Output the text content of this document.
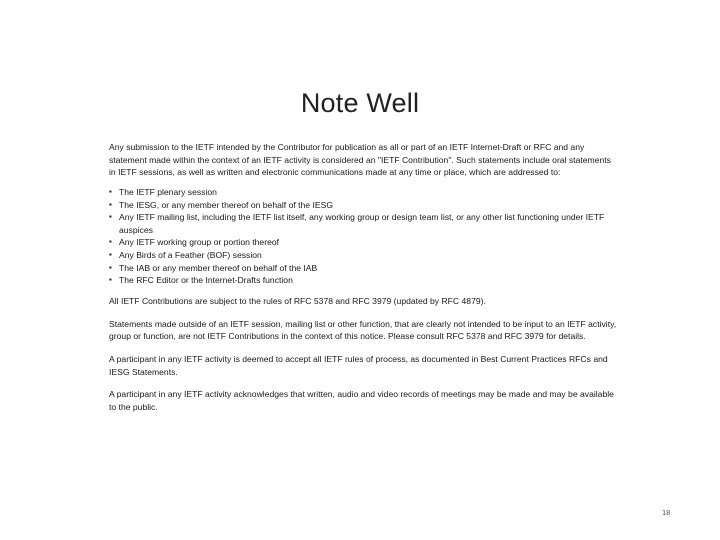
Note Well

Any submission to the IETF intended by the Contributor for publication as all or part of an IETF Internet-Draft or RFC and any statement made within the context of an IETF activity is considered an "IETF Contribution". Such statements include oral statements in IETF sessions, as well as written and electronic communications made at any time or place, which are addressed to:

▪ The IETF plenary session
▪ The IESG, or any member thereof on behalf of the IESG
▪ Any IETF mailing list, including the IETF list itself, any working group or design team list, or any other list functioning under IETF auspices
▪ Any IETF working group or portion thereof
▪ Any Birds of a Feather (BOF) session
▪ The IAB or any member thereof on behalf of the IAB
▪ The RFC Editor or the Internet-Drafts function

All IETF Contributions are subject to the rules of RFC 5378 and RFC 3979 (updated by RFC 4879).

Statements made outside of an IETF session, mailing list or other function, that are clearly not intended to be input to an IETF activity, group or function, are not IETF Contributions in the context of this notice. Please consult RFC 5378 and RFC 3979 for details.

A participant in any IETF activity is deemed to accept all IETF rules of process, as documented in Best Current Practices RFCs and IESG Statements.

A participant in any IETF activity acknowledges that written, audio and video records of meetings may be made and may be available to the public.

18
